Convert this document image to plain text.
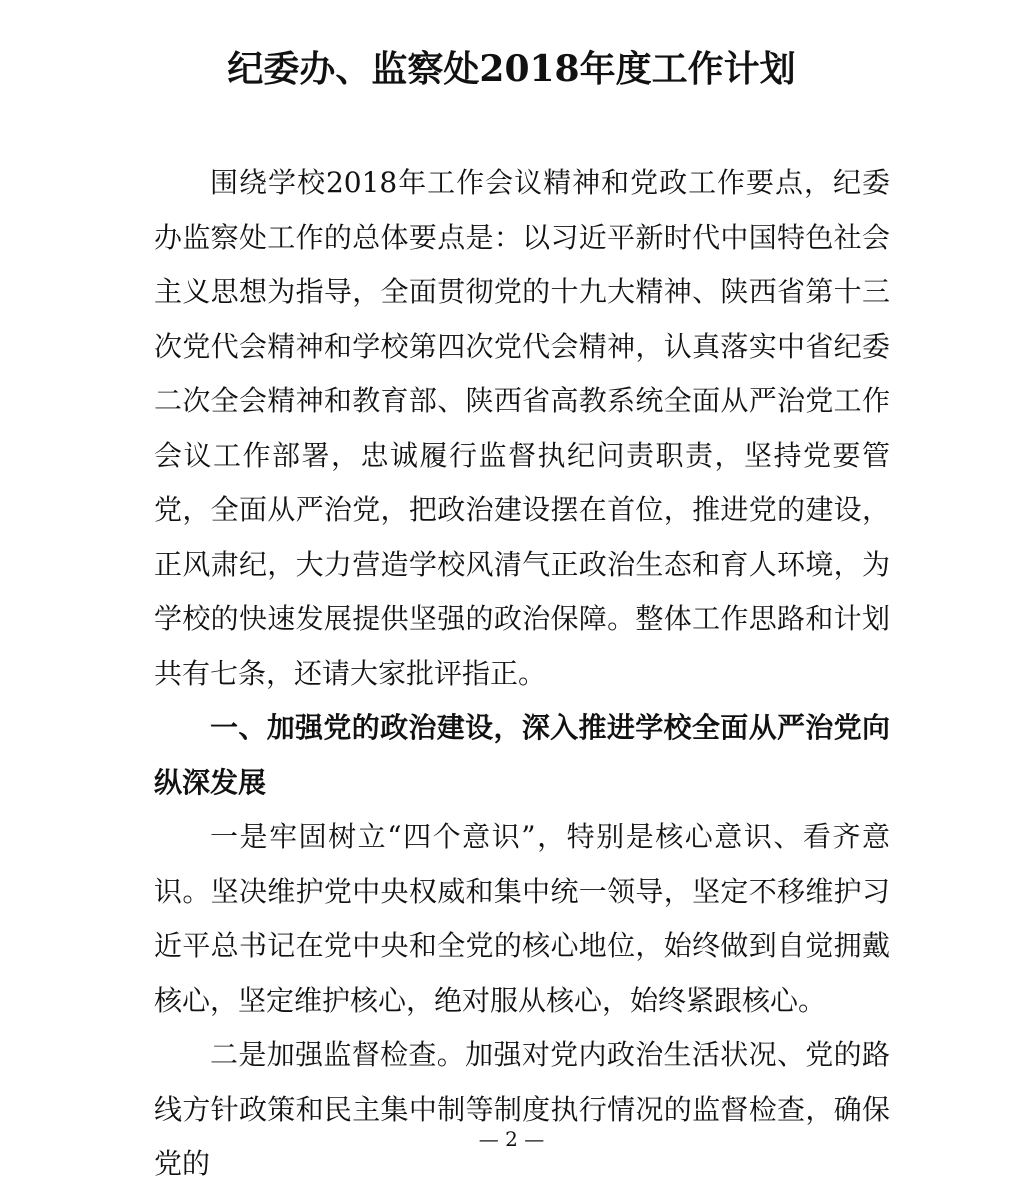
纪委办、监察处2018年度工作计划

围绕学校2018年工作会议精神和党政工作要点，纪委办监察处工作的总体要点是：以习近平新时代中国特色社会主义思想为指导，全面贯彻党的十九大精神、陕西省第十三次党代会精神和学校第四次党代会精神，认真落实中省纪委二次全会精神和教育部、陕西省高教系统全面从严治党工作会议工作部署，忠诚履行监督执纪问责职责，坚持党要管党，全面从严治党，把政治建设摆在首位，推进党的建设，正风肃纪，大力营造学校风清气正政治生态和育人环境，为学校的快速发展提供坚强的政治保障。整体工作思路和计划共有七条，还请大家批评指正。

一、加强党的政治建设，深入推进学校全面从严治党向纵深发展

一是牢固树立“四个意识”，特别是核心意识、看齐意识。坚决维护党中央权威和集中统一领导，坚定不移维护习近平总书记在党中央和全党的核心地位，始终做到自觉拥戴核心，坚定维护核心，绝对服从核心，始终紧跟核心。

二是加强监督检查。加强对党内政治生活状况、党的路线方针政策和民主集中制等制度执行情况的监督检查，确保党的

— 2 —
